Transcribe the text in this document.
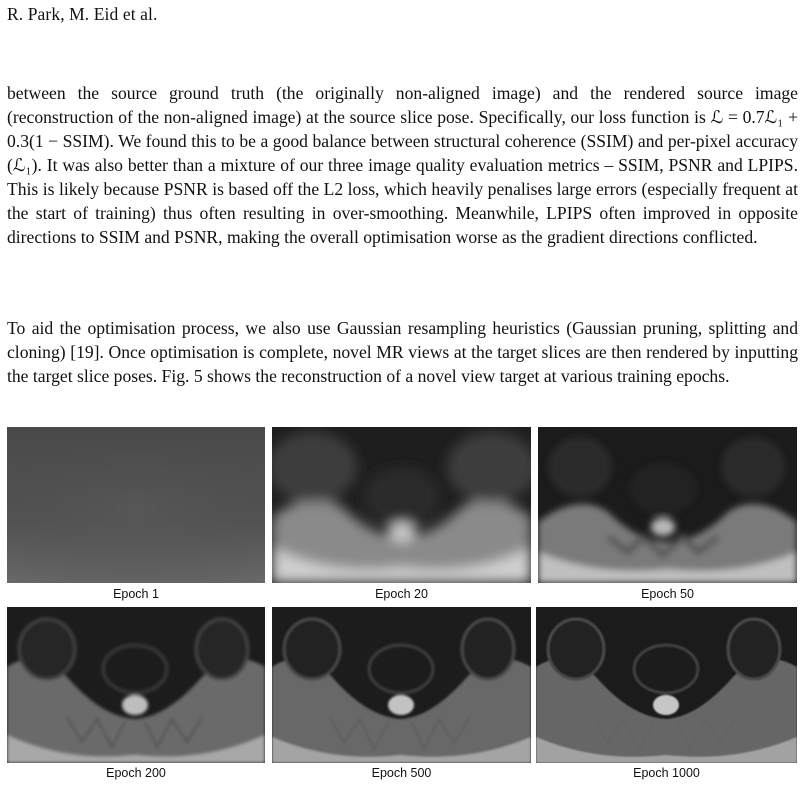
R. Park, M. Eid et al.
between the source ground truth (the originally non-aligned image) and the rendered source image (reconstruction of the non-aligned image) at the source slice pose. Specifically, our loss function is ℒ = 0.7ℒ₁ + 0.3(1 − SSIM). We found this to be a good balance between structural coherence (SSIM) and per-pixel accuracy (ℒ₁). It was also better than a mixture of our three image quality evaluation metrics – SSIM, PSNR and LPIPS. This is likely because PSNR is based off the L2 loss, which heavily penalises large errors (especially frequent at the start of training) thus often resulting in over-smoothing. Meanwhile, LPIPS often improved in opposite directions to SSIM and PSNR, making the overall optimisation worse as the gradient directions conflicted.
To aid the optimisation process, we also use Gaussian resampling heuristics (Gaussian pruning, splitting and cloning) [19]. Once optimisation is complete, novel MR views at the target slices are then rendered by inputting the target slice poses. Fig. 5 shows the reconstruction of a novel view target at various training epochs.
Epoch 1	Epoch 20	Epoch 50
Epoch 200	Epoch 500	Epoch 1000
